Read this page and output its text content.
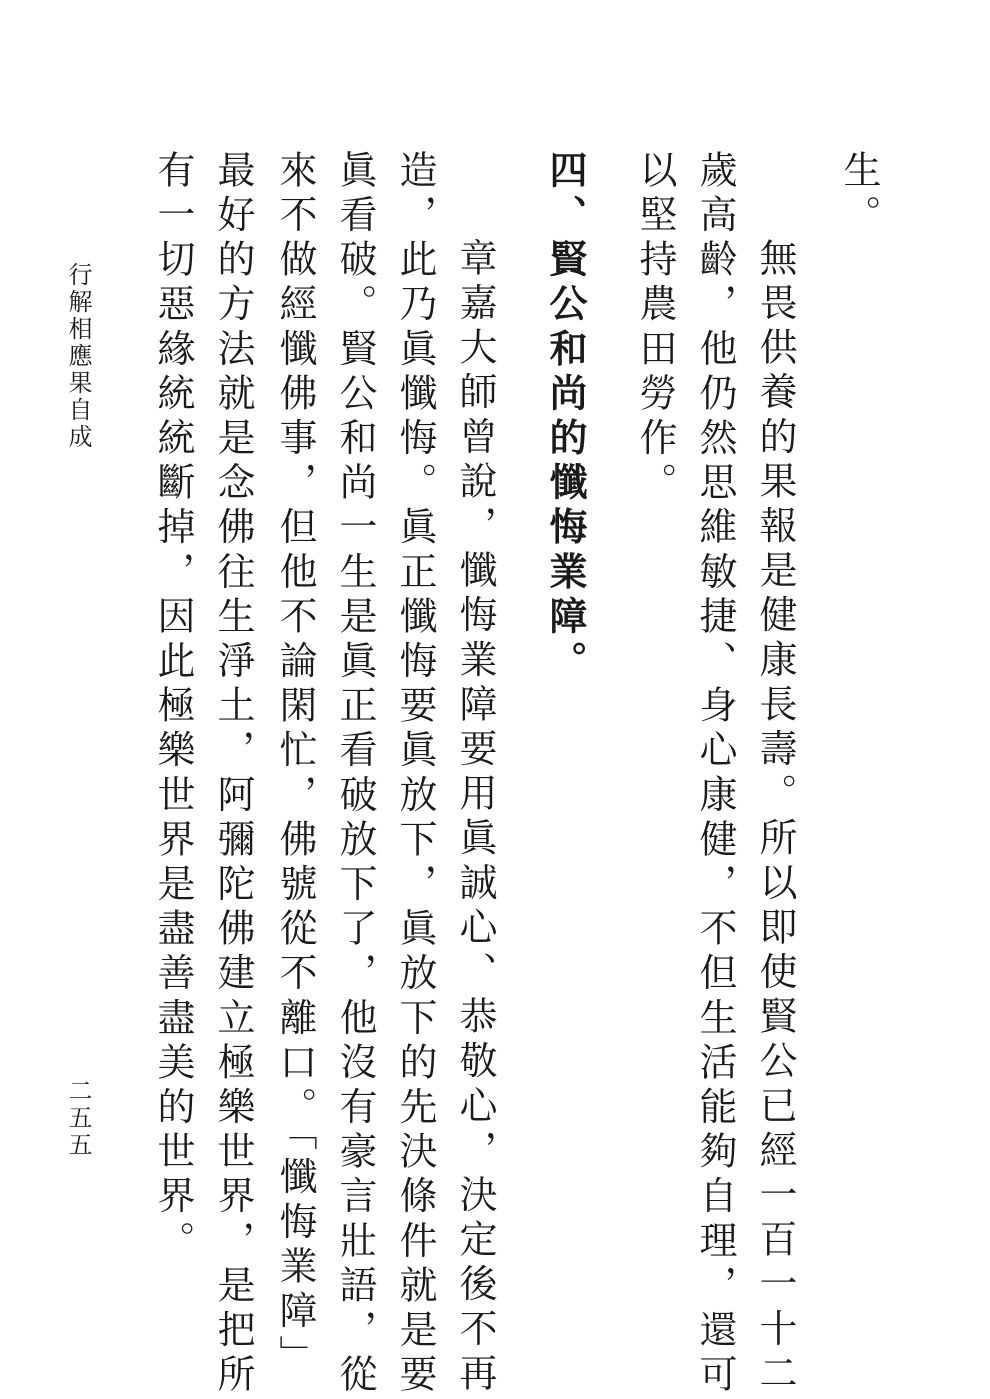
生。
無畏供養的果報是健康長壽。所以即使賢公已經一百一十二
歲高齡，他仍然思維敏捷、身心康健，不但生活能夠自理，還可
以堅持農田勞作。
四、賢公和尚的懺悔業障。
章嘉大師曾說，懺悔業障要用眞誠心、恭敬心，決定後不再
造，此乃眞懺悔。眞正懺悔要眞放下，眞放下的先決條件就是要
眞看破。賢公和尚一生是眞正看破放下了，他沒有豪言壯語，從
來不做經懺佛事，但他不論閑忙，佛號從不離口。「懺悔業障」
最好的方法就是念佛往生淨土，阿彌陀佛建立極樂世界，是把所
有一切惡緣統統斷掉，因此極樂世界是盡善盡美的世界。
行解相應果自成
二五五
